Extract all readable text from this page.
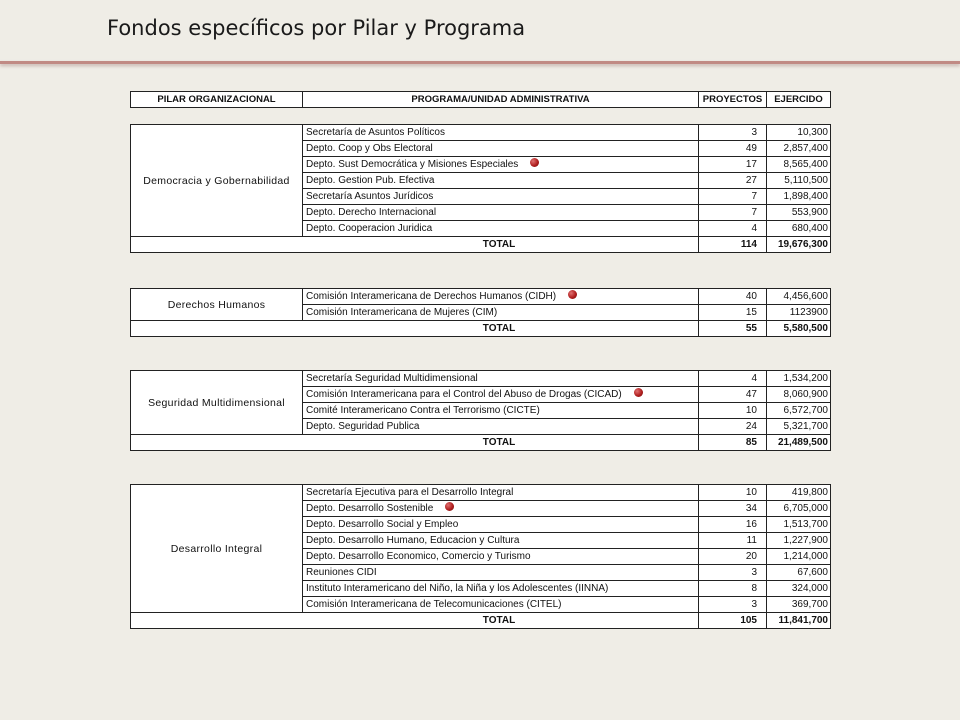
Fondos específicos por Pilar y Programa
PILAR ORGANIZACIONAL	PROGRAMA/UNIDAD ADMINISTRATIVA	PROYECTOS	EJERCIDO
Democracia y Gobernabilidad	Secretaría de Asuntos Políticos	3	10,300
	Depto. Coop y Obs Electoral	49	2,857,400
	Depto. Sust Democrática y Misiones Especiales	17	8,565,400
	Depto. Gestion Pub. Efectiva	27	5,110,500
	Secretaría Asuntos Jurídicos	7	1,898,400
	Depto. Derecho Internacional	7	553,900
	Depto. Cooperacion Juridica	4	680,400
TOTAL		114	19,676,300
Derechos Humanos	Comisión Interamericana de Derechos Humanos (CIDH)	40	4,456,600
	Comisión Interamericana de Mujeres (CIM)	15	1123900
TOTAL		55	5,580,500
Seguridad Multidimensional	Secretaría Seguridad Multidimensional	4	1,534,200
	Comisión Interamericana para el Control del Abuso de Drogas (CICAD)	47	8,060,900
	Comité Interamericano Contra el Terrorismo (CICTE)	10	6,572,700
	Depto. Seguridad Publica	24	5,321,700
TOTAL		85	21,489,500
Desarrollo Integral	Secretaría Ejecutiva para el Desarrollo Integral	10	419,800
	Depto. Desarrollo Sostenible	34	6,705,000
	Depto. Desarrollo Social y Empleo	16	1,513,700
	Depto. Desarrollo Humano, Educacion y Cultura	11	1,227,900
	Depto. Desarrollo Economico, Comercio y Turismo	20	1,214,000
	Reuniones CIDI	3	67,600
	Instituto Interamericano del Niño, la Niña y los Adolescentes (IINNA)	8	324,000
	Comisión Interamericana de Telecomunicaciones (CITEL)	3	369,700
TOTAL		105	11,841,700
